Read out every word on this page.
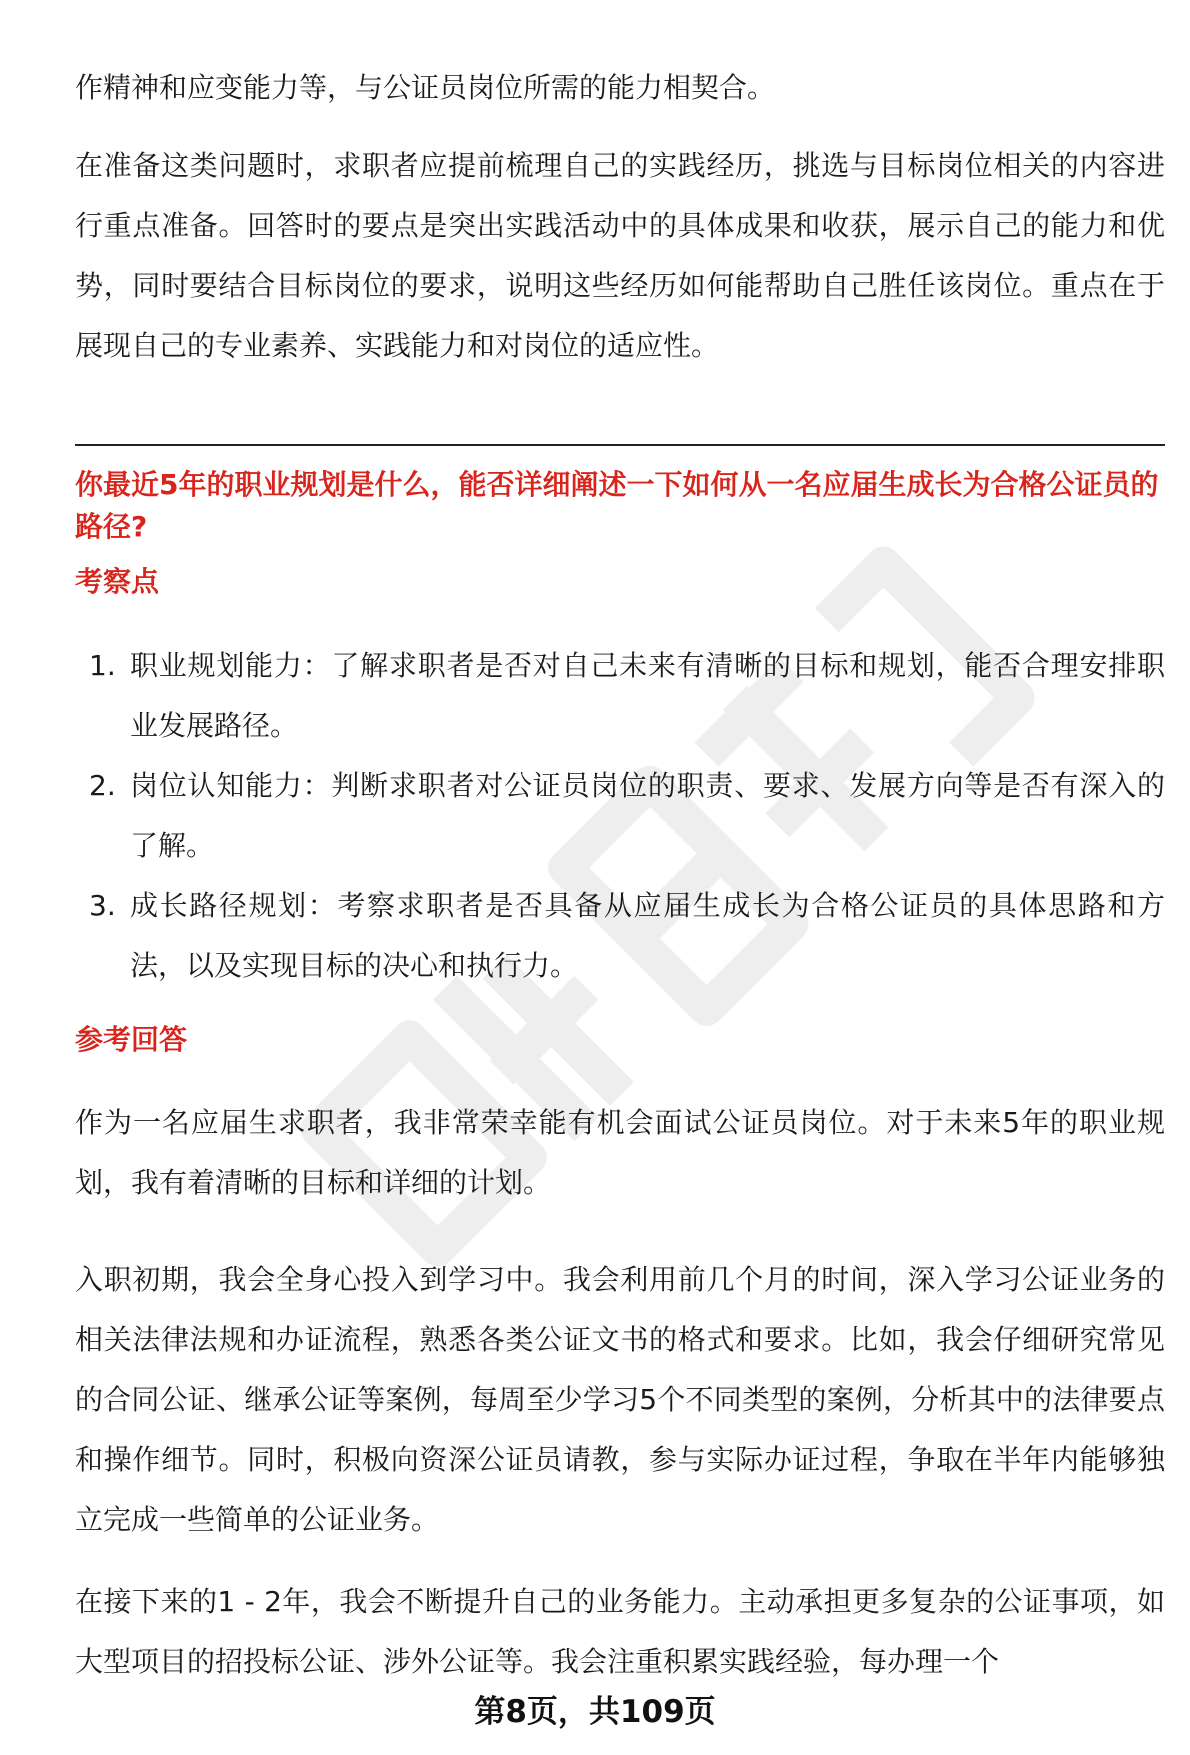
作精神和应变能力等，与公证员岗位所需的能力相契合。

在准备这类问题时，求职者应提前梳理自己的实践经历，挑选与目标岗位相关的内容进行重点准备。回答时的要点是突出实践活动中的具体成果和收获，展示自己的能力和优势，同时要结合目标岗位的要求，说明这些经历如何能帮助自己胜任该岗位。重点在于展现自己的专业素养、实践能力和对岗位的适应性。

你最近5年的职业规划是什么，能否详细阐述一下如何从一名应届生成长为合格公证员的路径?

考察点

1. 职业规划能力：了解求职者是否对自己未来有清晰的目标和规划，能否合理安排职业发展路径。
2. 岗位认知能力：判断求职者对公证员岗位的职责、要求、发展方向等是否有深入的了解。
3. 成长路径规划：考察求职者是否具备从应届生成长为合格公证员的具体思路和方法，以及实现目标的决心和执行力。

参考回答

作为一名应届生求职者，我非常荣幸能有机会面试公证员岗位。对于未来5年的职业规划，我有着清晰的目标和详细的计划。

入职初期，我会全身心投入到学习中。我会利用前几个月的时间，深入学习公证业务的相关法律法规和办证流程，熟悉各类公证文书的格式和要求。比如，我会仔细研究常见的合同公证、继承公证等案例，每周至少学习5个不同类型的案例，分析其中的法律要点和操作细节。同时，积极向资深公证员请教，参与实际办证过程，争取在半年内能够独立完成一些简单的公证业务。

在接下来的1 - 2年，我会不断提升自己的业务能力。主动承担更多复杂的公证事项，如大型项目的招投标公证、涉外公证等。我会注重积累实践经验，每办理一个

第8页，共109页
